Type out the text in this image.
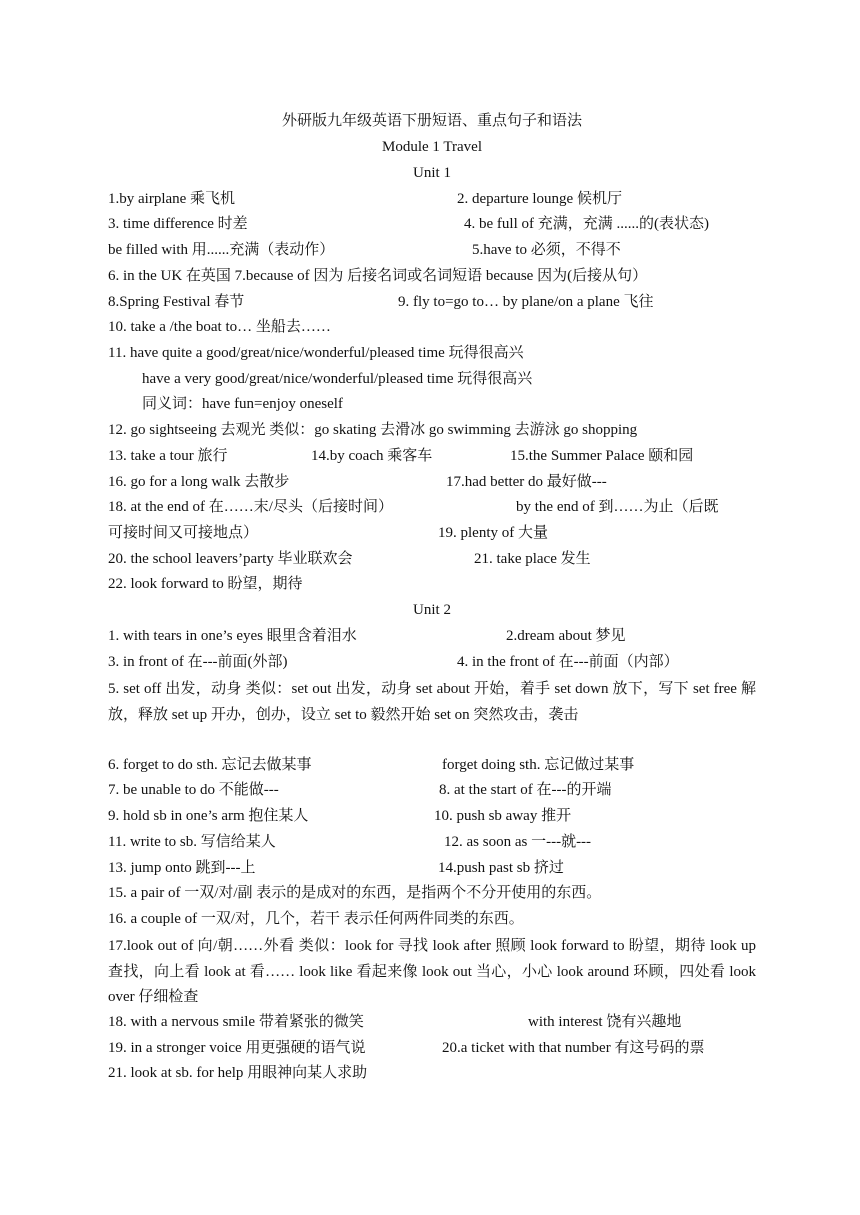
外研版九年级英语下册短语、重点句子和语法
Module 1 Travel
Unit 1
1.by airplane 乘飞机	2. departure lounge 候机厅
3. time difference 时差	4. be full of 充满，充满 ......的(表状态)
be filled with 用......充满（表动作）	5.have to 必须，不得不
6. in the UK 在英国 7.because of 因为 后接名词或名词短语 because 因为(后接从句）
8.Spring Festival 春节	9. fly to=go to… by plane/on a plane 飞往
10. take a /the boat to… 坐船去……
11. have quite a good/great/nice/wonderful/pleased time 玩得很高兴
have a very good/great/nice/wonderful/pleased time 玩得很高兴
同义词：have fun=enjoy oneself
12. go sightseeing 去观光 类似：go skating 去滑冰 go swimming 去游泳 go shopping
13. take a tour 旅行	14.by coach 乘客车	15.the Summer Palace 颐和园
16. go for a long walk 去散步	17.had better do 最好做---
18. at the end of 在……末/尽头（后接时间）	by the end of 到……为止（后既
可接时间又可接地点）	19. plenty of 大量
20. the school leavers’party 毕业联欢会	21. take place 发生
22. look forward to 盼望，期待
Unit 2
1. with tears in one’s eyes 眼里含着泪水	2.dream about 梦见
3. in front of 在---前面(外部)	4. in the front of 在---前面（内部）
5. set off 出发，动身 类似：set out 出发，动身 set about 开始，着手 set down 放下，写下 set free 解放，释放 set up 开办，创办，设立 set to 毅然开始 set on 突然攻击，袭击
6. forget to do sth. 忘记去做某事	forget doing sth. 忘记做过某事
7. be unable to do 不能做---	8. at the start of 在---的开端
9. hold sb in one’s arm 抱住某人	10. push sb away 推开
11. write to sb. 写信给某人	12. as soon as 一---就---
13. jump onto 跳到---上	14.push past sb 挤过
15. a pair of 一双/对/副 表示的是成对的东西，是指两个不分开使用的东西。
16. a couple of 一双/对，几个，若干 表示任何两件同类的东西。
17.look out of 向/朝……外看 类似：look for 寻找 look after 照顾 look forward to 盼望，期待 look up 查找，向上看 look at 看…… look like 看起来像 look out 当心，小心 look around 环顾，四处看 look over 仔细检查
18. with a nervous smile 带着紧张的微笑	with interest 饶有兴趣地
19. in a stronger voice 用更强硬的语气说	20.a ticket with that number 有这号码的票
21. look at sb. for help 用眼神向某人求助
